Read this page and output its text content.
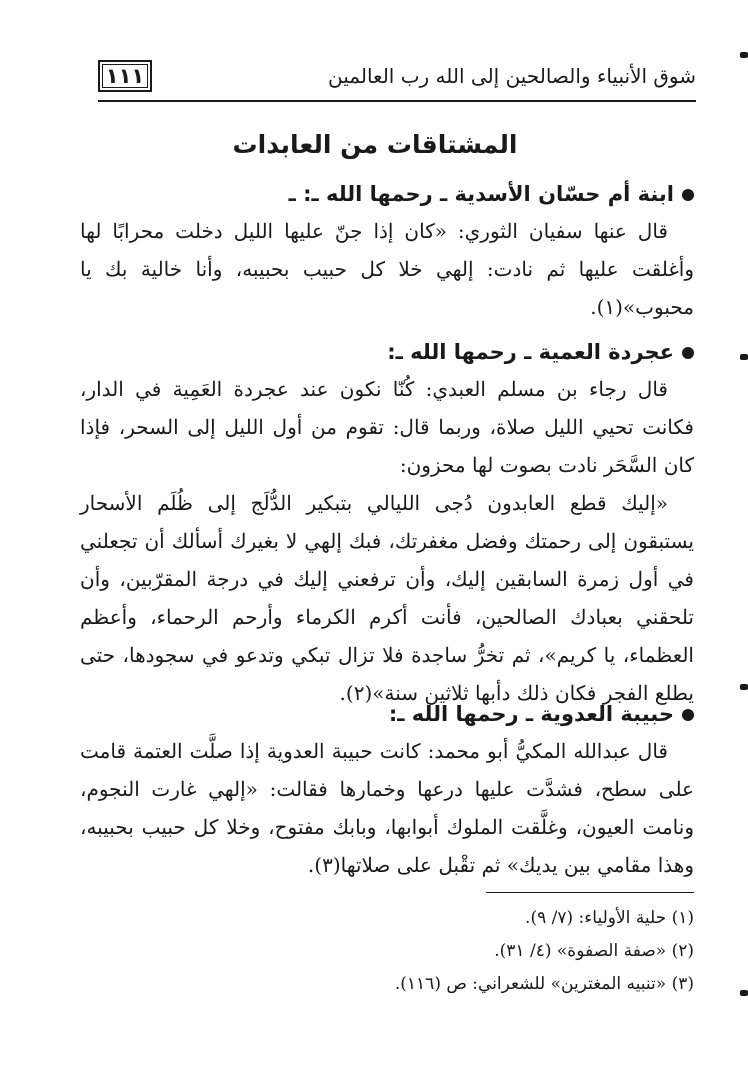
١١١	شوق الأنبياء والصالحين إلى الله رب العالمين
المشتاقات من العابدات
ابنة أم حسّان الأسدية ـ رحمها الله ـ: ـ
قال عنها سفيان الثوري: «كان إذا جنّ عليها الليل دخلت محرابًا لها وأغلقت عليها ثم نادت: إلهي خلا كل حبيب بحبيبه، وأنا خالية بك يا محبوب»(١).
عجردة العمية ـ رحمها الله ـ:
قال رجاء بن مسلم العبدي: كُنّا نكون عند عجردة العَمِية في الدار، فكانت تحيي الليل صلاة، وربما قال: تقوم من أول الليل إلى السحر، فإذا كان السَّحَر نادت بصوت لها محزون:
«إليك قطع العابدون دُجى الليالي بتبكير الدُّلَج إلى ظُلَم الأسحار يستبقون إلى رحمتك وفضل مغفرتك، فبك إلهي لا بغيرك أسألك أن تجعلني في أول زمرة السابقين إليك، وأن ترفعني إليك في درجة المقرّبين، وأن تلحقني بعبادك الصالحين، فأنت أكرم الكرماء وأرحم الرحماء، وأعظم العظماء، يا كريم»، ثم تخرُّ ساجدة فلا تزال تبكي وتدعو في سجودها، حتى يطلع الفجر فكان ذلك دأبها ثلاثين سنة»(٢).
حبيبة العدوية ـ رحمها الله ـ:
قال عبدالله المكيُّ أبو محمد: كانت حبيبة العدوية إذا صلَّت العتمة قامت على سطح، فشدَّت عليها درعها وخمارها فقالت: «إلهي غارت النجوم، ونامت العيون، وغلَّقت الملوك أبوابها، وبابك مفتوح، وخلا كل حبيب بحبيبه، وهذا مقامي بين يديك» ثم تقْبل على صلاتها(٣).
(١) حلية الأولياء: (٧/ ٩).
(٢) «صفة الصفوة» (٤/ ٣١).
(٣) «تنبيه المغترين» للشعراني: ص (١١٦).
